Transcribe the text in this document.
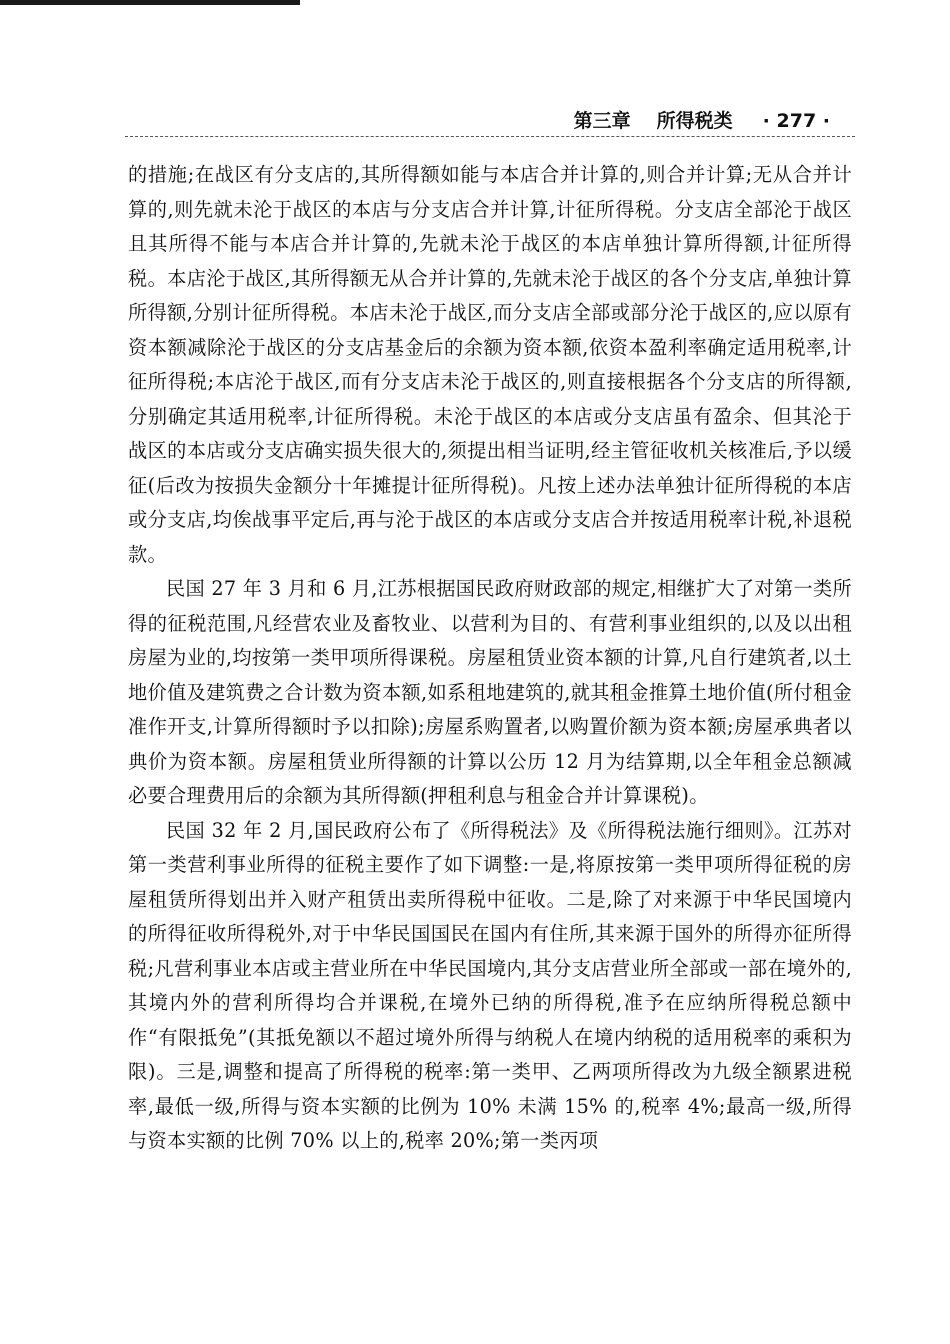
第三章 所得税类 · 277 ·

的措施;在战区有分支店的,其所得额如能与本店合并计算的,则合并计算;无从合并计算的,则先就未沦于战区的本店与分支店合并计算,计征所得税。分支店全部沦于战区且其所得不能与本店合并计算的,先就未沦于战区的本店单独计算所得额,计征所得税。本店沦于战区,其所得额无从合并计算的,先就未沦于战区的各个分支店,单独计算所得额,分别计征所得税。本店未沦于战区,而分支店全部或部分沦于战区的,应以原有资本额减除沦于战区的分支店基金后的余额为资本额,依资本盈利率确定适用税率,计征所得税;本店沦于战区,而有分支店未沦于战区的,则直接根据各个分支店的所得额,分别确定其适用税率,计征所得税。未沦于战区的本店或分支店虽有盈余、但其沦于战区的本店或分支店确实损失很大的,须提出相当证明,经主管征收机关核准后,予以缓征(后改为按损失金额分十年摊提计征所得税)。凡按上述办法单独计征所得税的本店或分支店,均俟战事平定后,再与沦于战区的本店或分支店合并按适用税率计税,补退税款。

民国 27 年 3 月和 6 月,江苏根据国民政府财政部的规定,相继扩大了对第一类所得的征税范围,凡经营农业及畜牧业、以营利为目的、有营利事业组织的,以及以出租房屋为业的,均按第一类甲项所得课税。房屋租赁业资本额的计算,凡自行建筑者,以土地价值及建筑费之合计数为资本额,如系租地建筑的,就其租金推算土地价值(所付租金准作开支,计算所得额时予以扣除);房屋系购置者,以购置价额为资本额;房屋承典者以典价为资本额。房屋租赁业所得额的计算以公历 12 月为结算期,以全年租金总额减必要合理费用后的余额为其所得额(押租利息与租金合并计算课税)。

民国 32 年 2 月,国民政府公布了《所得税法》及《所得税法施行细则》。江苏对第一类营利事业所得的征税主要作了如下调整:一是,将原按第一类甲项所得征税的房屋租赁所得划出并入财产租赁出卖所得税中征收。二是,除了对来源于中华民国境内的所得征收所得税外,对于中华民国国民在国内有住所,其来源于国外的所得亦征所得税;凡营利事业本店或主营业所在中华民国境内,其分支店营业所全部或一部在境外的,其境内外的营利所得均合并课税,在境外已纳的所得税,准予在应纳所得税总额中作“有限抵免”(其抵免额以不超过境外所得与纳税人在境内纳税的适用税率的乘积为限)。三是,调整和提高了所得税的税率:第一类甲、乙两项所得改为九级全额累进税率,最低一级,所得与资本实额的比例为 10% 未满 15% 的,税率 4%;最高一级,所得与资本实额的比例 70% 以上的,税率 20%;第一类丙项
